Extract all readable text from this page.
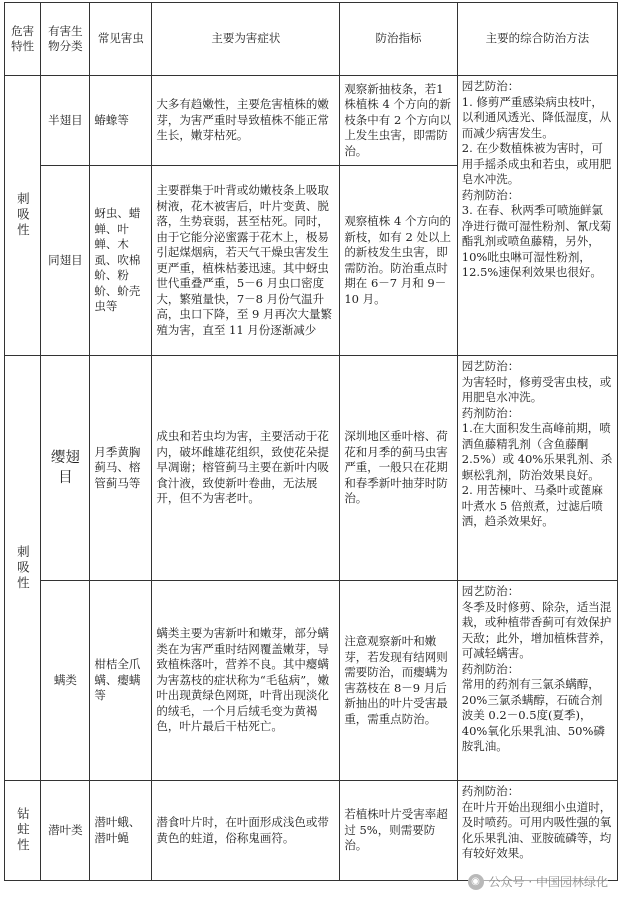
危害特性	有害生物分类	常见害虫	主要为害症状	防治指标	主要的综合防治方法

刺吸性	半翅目	蝽蟓等	大多有趋嫩性，主要危害植株的嫩芽，为害严重时导致植株不能正常生长，嫩芽枯死。	观察新抽枝条，若1株植株 4 个方向的新枝条中有 2 个方向以上发生虫害，即需防治。	园艺防治：
1. 修剪严重感染病虫枝叶，以利通风透光、降低湿度，从而减少病害发生。
2. 在少数植株被为害时，可用手摇杀成虫和若虫，或用肥皂水冲洗。
药剂防治：
3. 在春、秋两季可喷施鲜氯净进行微可湿性粉剂、氰戊菊酯乳剂或喷鱼藤精，另外，10%吡虫啉可湿性粉剂，12.5%速保利效果也很好。
	同翅目	蚜虫、蜡蝉、叶蝉、木虱、吹棉蚧、粉蚧、蚧壳虫等	主要群集于叶背或幼嫩枝条上吸取树液，花木被害后，叶片变黄、脱落，生势衰弱，甚至枯死。同时，由于它能分泌蜜露于花木上，极易引起煤烟病，若天气干燥虫害发生更严重，植株枯萎迅速。其中蚜虫世代重叠严重，5－6 月虫口密度大，繁殖量快，7－8 月份气温升高，虫口下降，至 9 月再次大量繁殖为害，直至 11 月份逐渐减少	观察植株 4 个方向的新枝，如有 2 处以上的新枝发生虫害，即需防治。防治重点时期在 6－7 月和 9－10 月。	

刺吸性	缨翅目	月季黄胸蓟马、榕管蓟马等	成虫和若虫均为害，主要活动于花内，破坏雌雄花组织，致使花朵提早凋谢；榕管蓟马主要在新叶内吸食汁液，致使新叶卷曲，无法展开，但不为害老叶。	深圳地区垂叶榕、荷花和月季的蓟马虫害严重，一般只在花期和春季新叶抽芽时防治。	园艺防治：
为害轻时，修剪受害虫枝，或用肥皂水冲洗。
药剂防治：
1.在大面积发生高峰前期，喷洒鱼藤精乳剂（含鱼藤酮 2.5%）或 40%乐果乳剂、杀螟松乳剂，防治效果良好。
2. 用苦楝叶、马桑叶或蓖麻叶煮水 5 倍煎煮，过滤后喷洒，趋杀效果好。
	螨类	柑桔全爪螨、瘿螨等	螨类主要为害新叶和嫩芽，部分螨类在为害严重时结网覆盖嫩芽，导致植株落叶，营养不良。其中瘿螨为害荔枝的症状称为“毛毡病”，嫩叶出现黄绿色网斑，叶背出现淡化的绒毛，一个月后绒毛变为黄褐色，叶片最后干枯死亡。	注意观察新叶和嫩芽，若发现有结网则需要防治，而瘿螨为害荔枝在 8－9 月后新抽出的叶片受害最重，需重点防治。	园艺防治：
冬季及时修剪、除杂，适当混栽，或种植带香蓟可有效保护天敌；此外，增加植株营养，可减轻螨害。
药剂防治：
常用的药剂有三氯杀螨醇，20%三氯杀螨醇，石硫合剂波美 0.2－0.5度(夏季)，40%氧化乐果乳油、50%磷胺乳油。

钻蛀性	潜叶类	潜叶蛾、潜叶蝇	潜食叶片时，在叶面形成浅色或带黄色的蛀道，俗称鬼画符。	若植株叶片受害率超过 5%，则需要防治。	药剂防治：
在叶片开始出现细小虫道时，及时喷药。可用内吸性强的氧化乐果乳油、亚胺硫磷等，均有较好效果。
◉ 公众号 · 中国园林绿化
